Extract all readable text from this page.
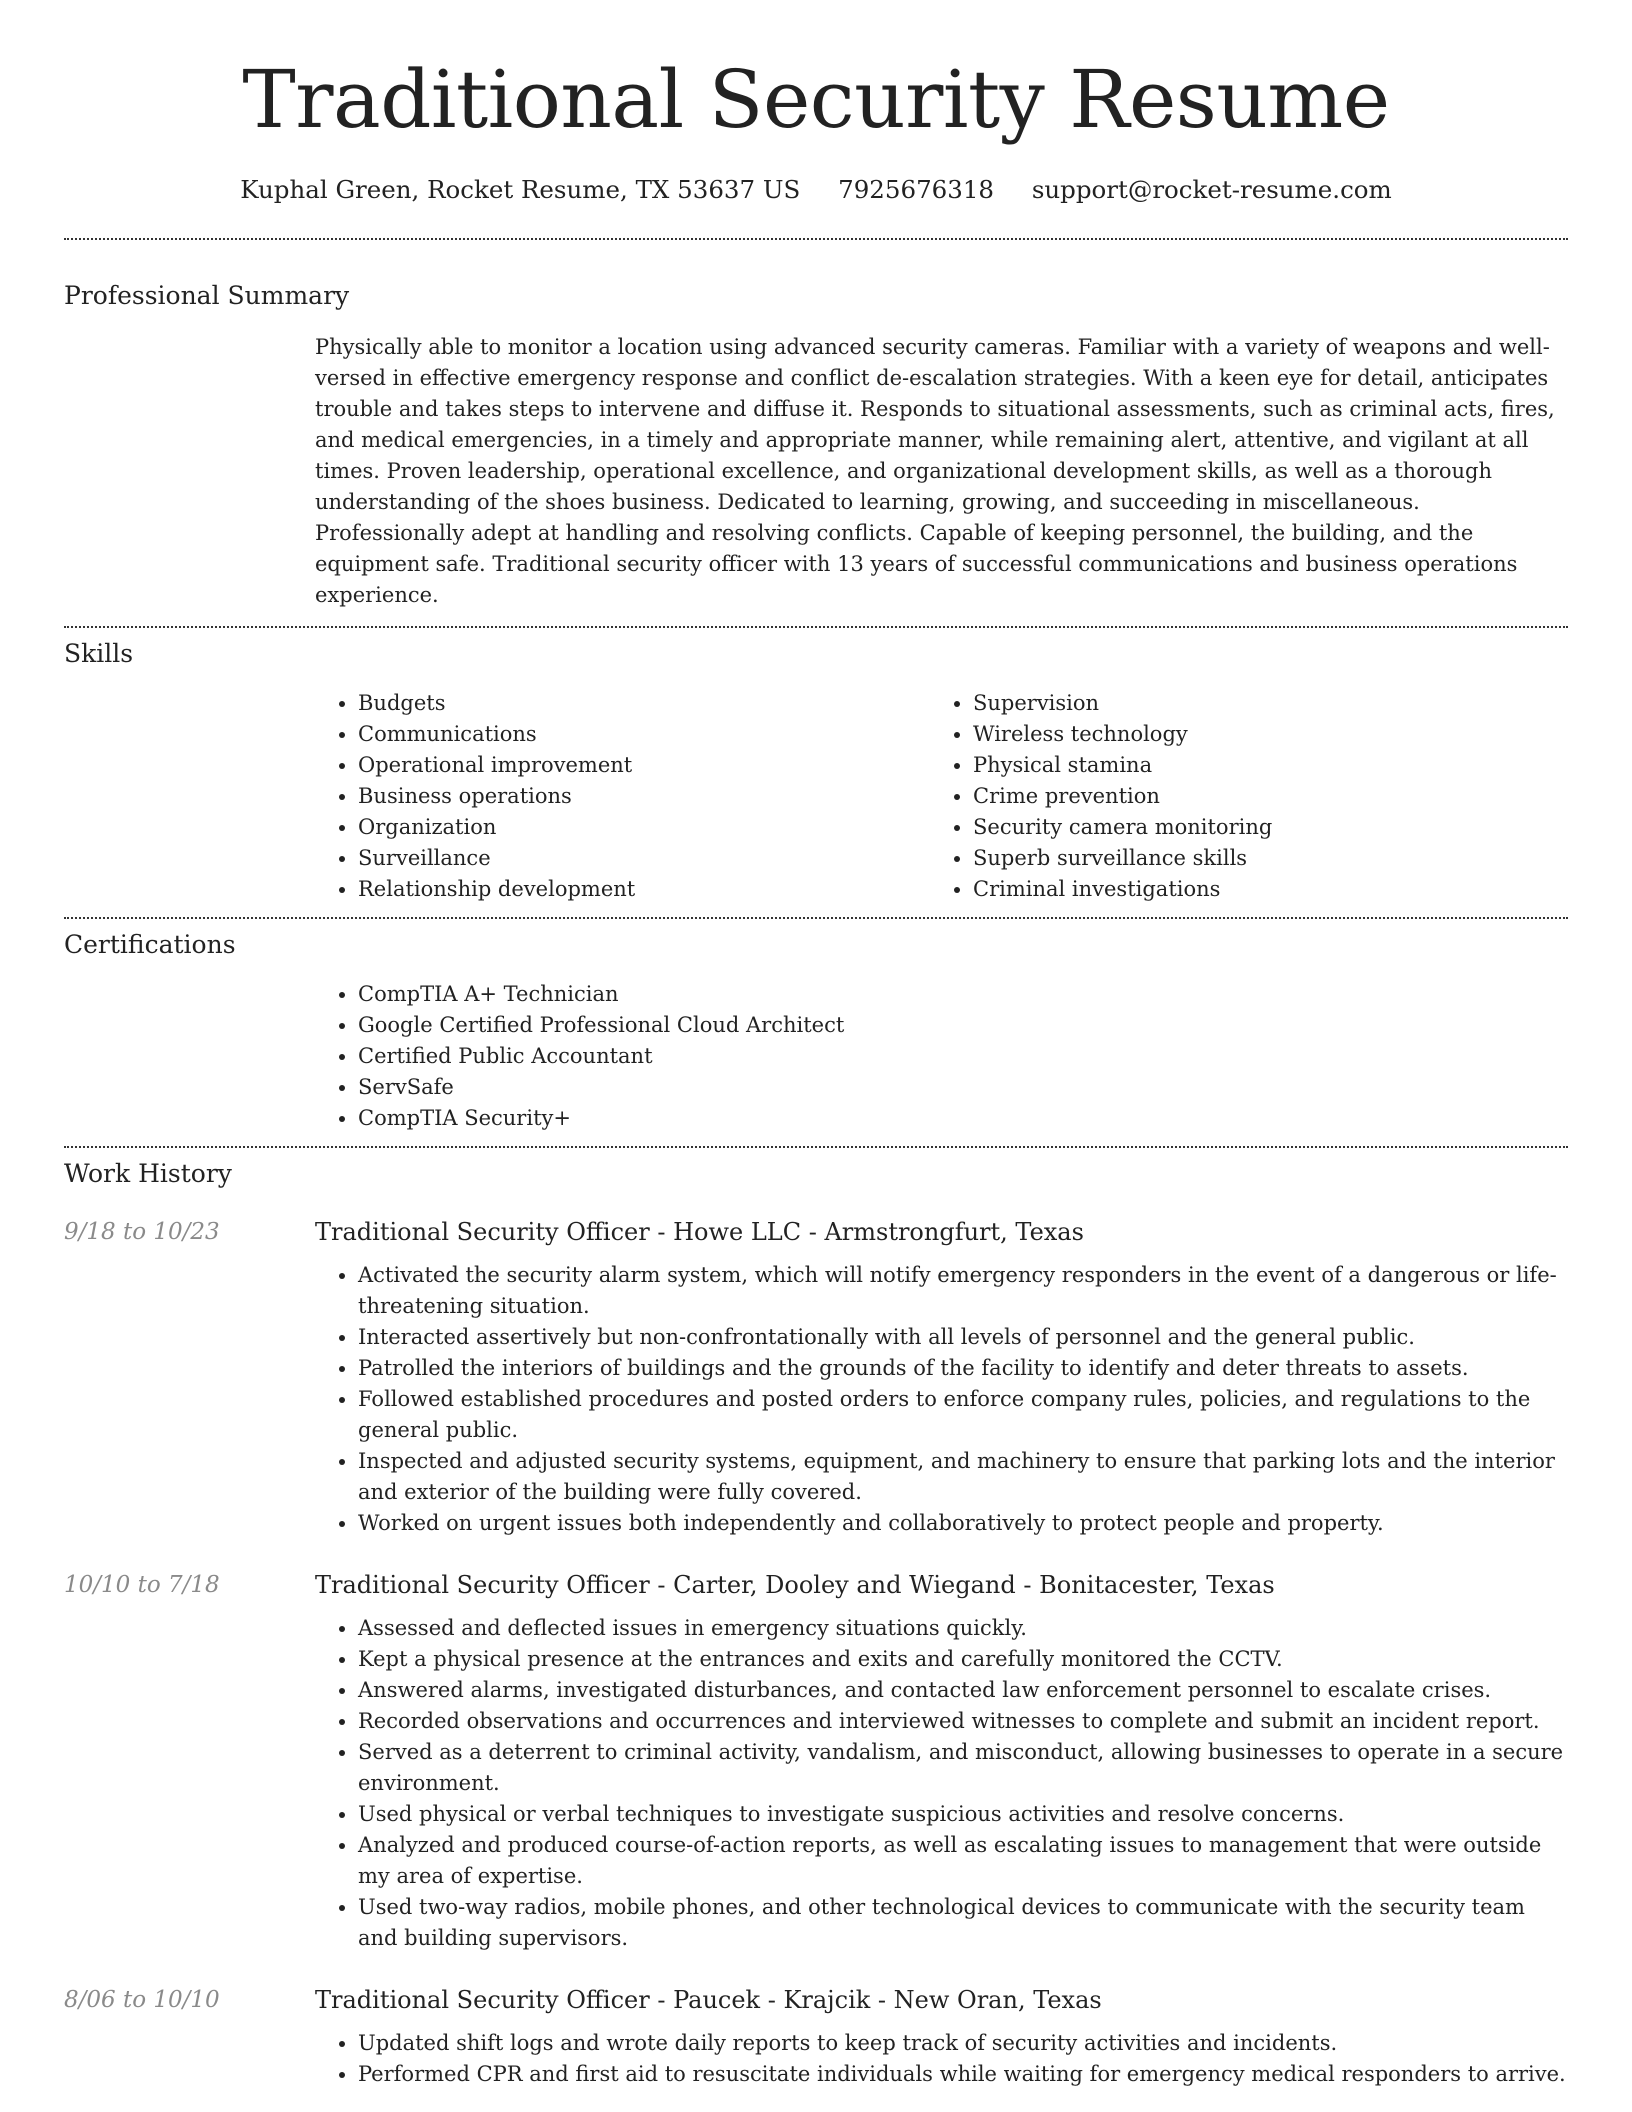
Traditional Security Resume
Kuphal Green, Rocket Resume, TX 53637 US 7925676318 support@rocket-resume.com
Professional Summary

Physically able to monitor a location using advanced security cameras. Familiar with a variety of weapons and well-versed in effective emergency response and conflict de-escalation strategies. With a keen eye for detail, anticipates trouble and takes steps to intervene and diffuse it. Responds to situational assessments, such as criminal acts, fires, and medical emergencies, in a timely and appropriate manner, while remaining alert, attentive, and vigilant at all times. Proven leadership, operational excellence, and organizational development skills, as well as a thorough understanding of the shoes business. Dedicated to learning, growing, and succeeding in miscellaneous. Professionally adept at handling and resolving conflicts. Capable of keeping personnel, the building, and the equipment safe. Traditional security officer with 13 years of successful communications and business operations experience.

Skills
• Budgets
• Communications
• Operational improvement
• Business operations
• Organization
• Surveillance
• Relationship development
• Supervision
• Wireless technology
• Physical stamina
• Crime prevention
• Security camera monitoring
• Superb surveillance skills
• Criminal investigations
Certifications
• CompTIA A+ Technician
• Google Certified Professional Cloud Architect
• Certified Public Accountant
• ServSafe
• CompTIA Security+
Work History
9/18 to 10/23	Traditional Security Officer - Howe LLC - Armstrongfurt, Texas
• Activated the security alarm system, which will notify emergency responders in the event of a dangerous or life-threatening situation.
• Interacted assertively but non-confrontationally with all levels of personnel and the general public.
• Patrolled the interiors of buildings and the grounds of the facility to identify and deter threats to assets.
• Followed established procedures and posted orders to enforce company rules, policies, and regulations to the general public.
• Inspected and adjusted security systems, equipment, and machinery to ensure that parking lots and the interior and exterior of the building were fully covered.
• Worked on urgent issues both independently and collaboratively to protect people and property.
10/10 to 7/18	Traditional Security Officer - Carter, Dooley and Wiegand - Bonitacester, Texas
• Assessed and deflected issues in emergency situations quickly.
• Kept a physical presence at the entrances and exits and carefully monitored the CCTV.
• Answered alarms, investigated disturbances, and contacted law enforcement personnel to escalate crises.
• Recorded observations and occurrences and interviewed witnesses to complete and submit an incident report.
• Served as a deterrent to criminal activity, vandalism, and misconduct, allowing businesses to operate in a secure environment.
• Used physical or verbal techniques to investigate suspicious activities and resolve concerns.
• Analyzed and produced course-of-action reports, as well as escalating issues to management that were outside my area of expertise.
• Used two-way radios, mobile phones, and other technological devices to communicate with the security team and building supervisors.
8/06 to 10/10	Traditional Security Officer - Paucek - Krajcik - New Oran, Texas
• Updated shift logs and wrote daily reports to keep track of security activities and incidents.
• Performed CPR and first aid to resuscitate individuals while waiting for emergency medical responders to arrive.
